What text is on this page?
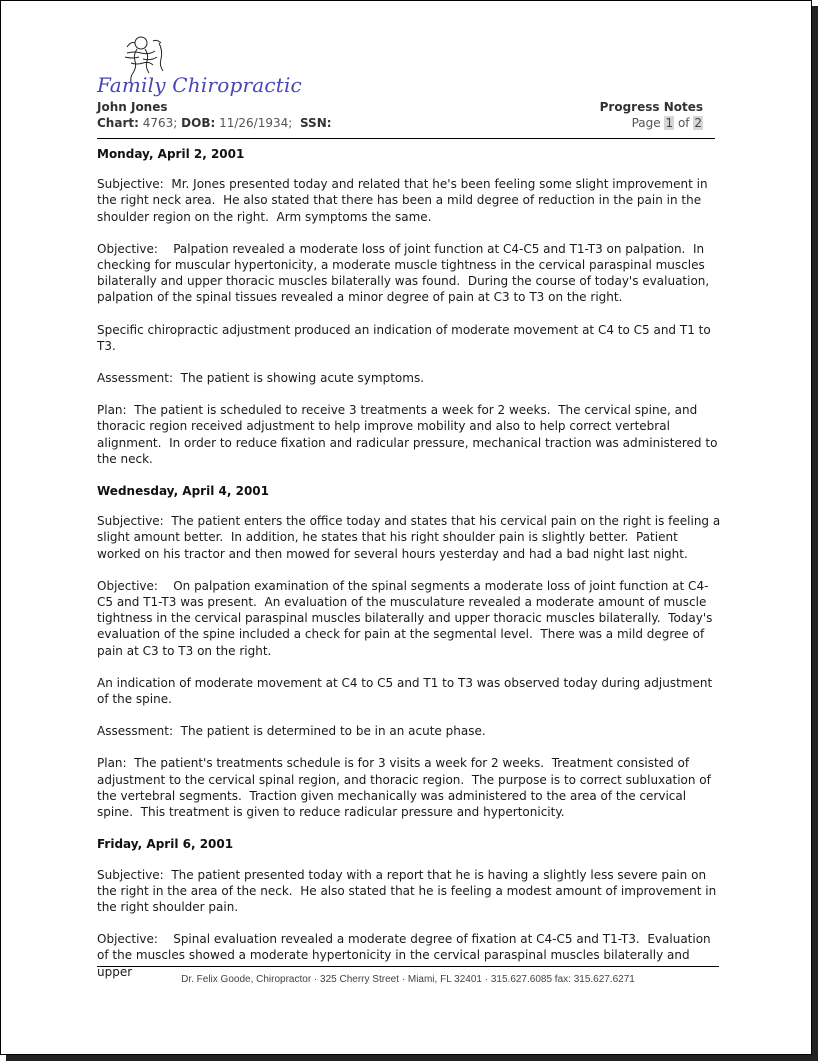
Family Chiropractic
John Jones
Chart: 4763; DOB: 11/26/1934; SSN:
Progress Notes
Page 1 of 2
Monday, April 2, 2001
Subjective:  Mr. Jones presented today and related that he's been feeling some slight improvement in the right neck area.  He also stated that there has been a mild degree of reduction in the pain in the shoulder region on the right.  Arm symptoms the same.
Objective:    Palpation revealed a moderate loss of joint function at C4-C5 and T1-T3 on palpation.  In checking for muscular hypertonicity, a moderate muscle tightness in the cervical paraspinal muscles bilaterally and upper thoracic muscles bilaterally was found.  During the course of today's evaluation, palpation of the spinal tissues revealed a minor degree of pain at C3 to T3 on the right.
Specific chiropractic adjustment produced an indication of moderate movement at C4 to C5 and T1 to T3.
Assessment:  The patient is showing acute symptoms.
Plan:  The patient is scheduled to receive 3 treatments a week for 2 weeks.  The cervical spine, and thoracic region received adjustment to help improve mobility and also to help correct vertebral alignment.  In order to reduce fixation and radicular pressure, mechanical traction was administered to the neck.
Wednesday, April 4, 2001
Subjective:  The patient enters the office today and states that his cervical pain on the right is feeling a slight amount better.  In addition, he states that his right shoulder pain is slightly better.  Patient worked on his tractor and then mowed for several hours yesterday and had a bad night last night.
Objective:    On palpation examination of the spinal segments a moderate loss of joint function at C4-C5 and T1-T3 was present.  An evaluation of the musculature revealed a moderate amount of muscle tightness in the cervical paraspinal muscles bilaterally and upper thoracic muscles bilaterally.  Today's evaluation of the spine included a check for pain at the segmental level.  There was a mild degree of pain at C3 to T3 on the right.
An indication of moderate movement at C4 to C5 and T1 to T3 was observed today during adjustment of the spine.
Assessment:  The patient is determined to be in an acute phase.
Plan:  The patient's treatments schedule is for 3 visits a week for 2 weeks.  Treatment consisted of adjustment to the cervical spinal region, and thoracic region.  The purpose is to correct subluxation of the vertebral segments.  Traction given mechanically was administered to the area of the cervical spine.  This treatment is given to reduce radicular pressure and hypertonicity.
Friday, April 6, 2001
Subjective:  The patient presented today with a report that he is having a slightly less severe pain on the right in the area of the neck.  He also stated that he is feeling a modest amount of improvement in the right shoulder pain.
Objective:    Spinal evaluation revealed a moderate degree of fixation at C4-C5 and T1-T3.  Evaluation of the muscles showed a moderate hypertonicity in the cervical paraspinal muscles bilaterally and upper
Dr. Felix Goode, Chiropractor · 325 Cherry Street · Miami, FL 32401 · 315.627.6085 fax: 315.627.6271
